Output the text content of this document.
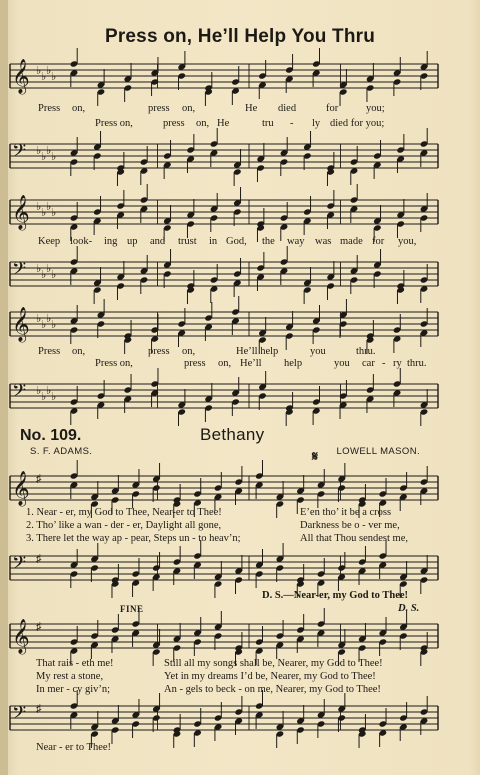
Press on, He’ll Help You Thru
𝄞 ♭ ♭ ♭ ♭
Press on,	press on,	He died	for	you;
Press on,	press on, He	tru - ly died for you;
𝄢 ♭ ♭ ♭ ♭
𝄞 ♭ ♭ ♭ ♭
Keep look- ing up and trust in God, the way was made for you,
𝄢 ♭ ♭ ♭ ♭
𝄞 ♭ ♭ ♭ ♭
Press on,	press on,	He’ll help	you	thru.
Press on,	press on, He’ll help	you car - ry thru.
𝄢 ♭ ♭ ♭ ♭
No. 109.	Bethany
S. F. ADAMS.	LOWELL MASON.
𝄋
𝄞 ♯
1. Near - er, my God to Thee, Near-er to Thee!	E’en tho’ it be a cross
2. Tho’ like a wan - der - er, Daylight all gone,	Darkness be o - ver me,
3. There let the way ap - pear, Steps un - to heav’n;	All that Thou sendest me,
𝄢 ♯
D. S.—Near-er, my God to Thee!
FINE	D. S.
𝄞 ♯
That rais - eth me!	Still all my songs shall be, Nearer, my God to Thee!
My rest a stone,	Yet in my dreams I’d be, Nearer, my God to Thee!
In mer - cy giv’n;	An - gels to beck - on me, Nearer, my God to Thee!
𝄢 ♯
Near - er to Thee!
